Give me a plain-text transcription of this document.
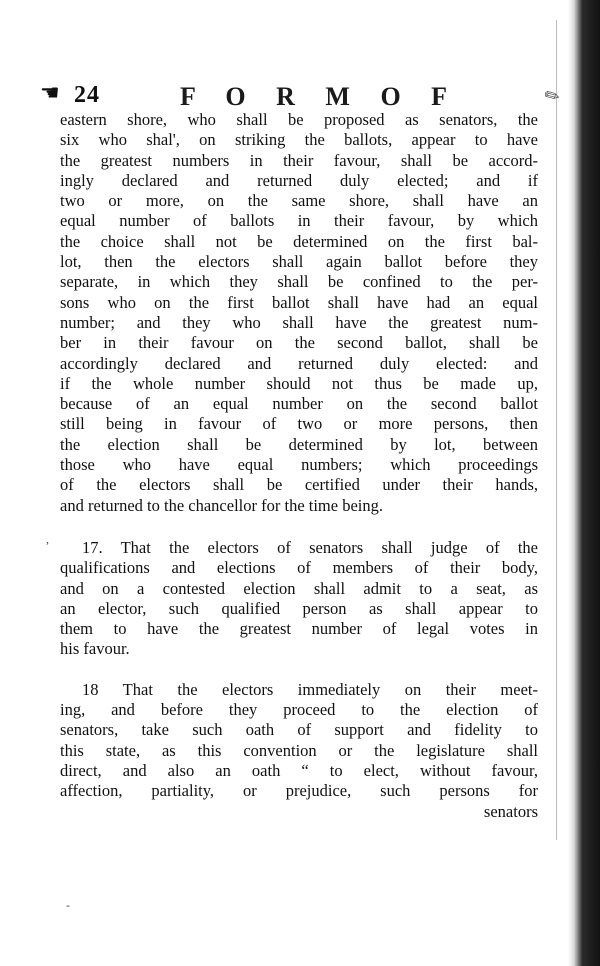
☚ 24	F O R M O F	✎
eastern shore, who shall be proposed as senators, the
six who shal', on striking the ballots, appear to have
the greatest numbers in their favour, shall be accord-
ingly declared and returned duly elected; and if
two or more, on the same shore, shall have an
equal number of ballots in their favour, by which
the choice shall not be determined on the first bal-
lot, then the electors shall again ballot before they
separate, in which they shall be confined to the per-
sons who on the first ballot shall have had an equal
number; and they who shall have the greatest num-
ber in their favour on the second ballot, shall be
accordingly declared and returned duly elected: and
if the whole number should not thus be made up,
because of an equal number on the second ballot
still being in favour of two or more persons, then
the election shall be determined by lot, between
those who have equal numbers; which proceedings
of the electors shall be certified under their hands,
and returned to the chancellor for the time being.
17. That the electors of senators shall judge of the
qualifications and elections of members of their body,
and on a contested election shall admit to a seat, as
an elector, such qualified person as shall appear to
them to have the greatest number of legal votes in
his favour.
18 That the electors immediately on their meet-
ing, and before they proceed to the election of
senators, take such oath of support and fidelity to
this state, as this convention or the legislature shall
direct, and also an oath “ to elect, without favour,
affection, partiality, or prejudice, such persons for
senators
,
-
